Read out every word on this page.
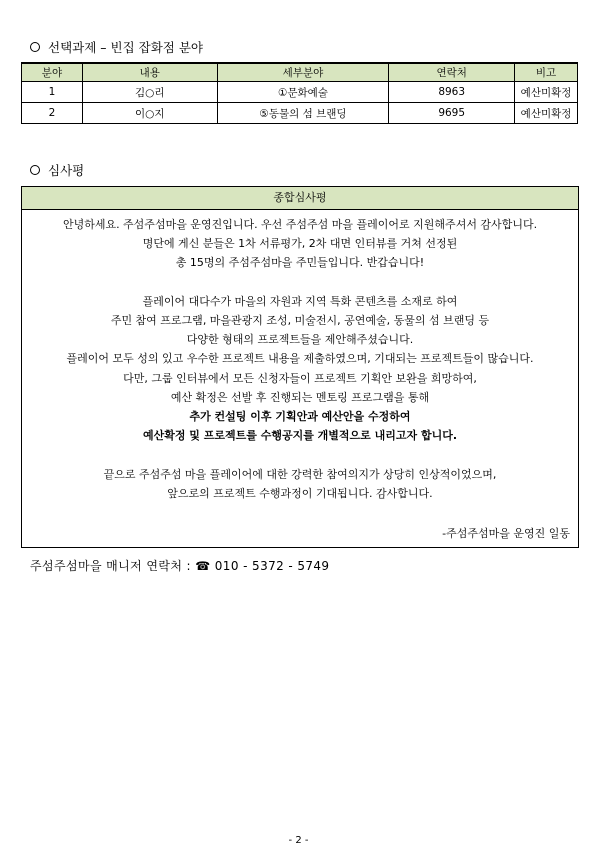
선택과제 – 빈집 잡화점 분야
분야	내용	세부분야	연락처	비고
1	김○리	①문화예술	8963	예산미확정
2	이○지	⑤동물의 섬 브랜딩	9695	예산미확정
심사평
종합심사평
안녕하세요. 주섬주섬마을 운영진입니다. 우선 주섬주섬 마을 플레이어로 지원해주셔서 감사합니다.
명단에 게신 분들은 1차 서류평가, 2차 대면 인터뷰를 거쳐 선정된
총 15명의 주섬주섬마을 주민들입니다. 반갑습니다!
플레이어 대다수가 마을의 자원과 지역 특화 콘텐츠를 소재로 하여
주민 참여 프로그램, 마을관광지 조성, 미술전시, 공연예술, 동물의 섬 브랜딩 등
다양한 형태의 프로젝트들을 제안해주셨습니다.
플레이어 모두 성의 있고 우수한 프로젝트 내용을 제출하였으며, 기대되는 프로젝트들이 많습니다.
다만, 그룹 인터뷰에서 모든 신청자들이 프로젝트 기획안 보완을 희망하여,
예산 확정은 선발 후 진행되는 멘토링 프로그램을 통해
추가 컨설팅 이후 기획안과 예산안을 수정하여
예산확정 및 프로젝트를 수행공지를 개별적으로 내리고자 합니다.
끝으로 주섬주섬 마을 플레이어에 대한 강력한 참여의지가 상당히 인상적이었으며,
앞으로의 프로젝트 수행과정이 기대됩니다. 감사합니다.
-주섬주섬마을 운영진 일동
주섬주섬마을 매니저 연락처 : ☎ 010 - 5372 - 5749
- 2 -
